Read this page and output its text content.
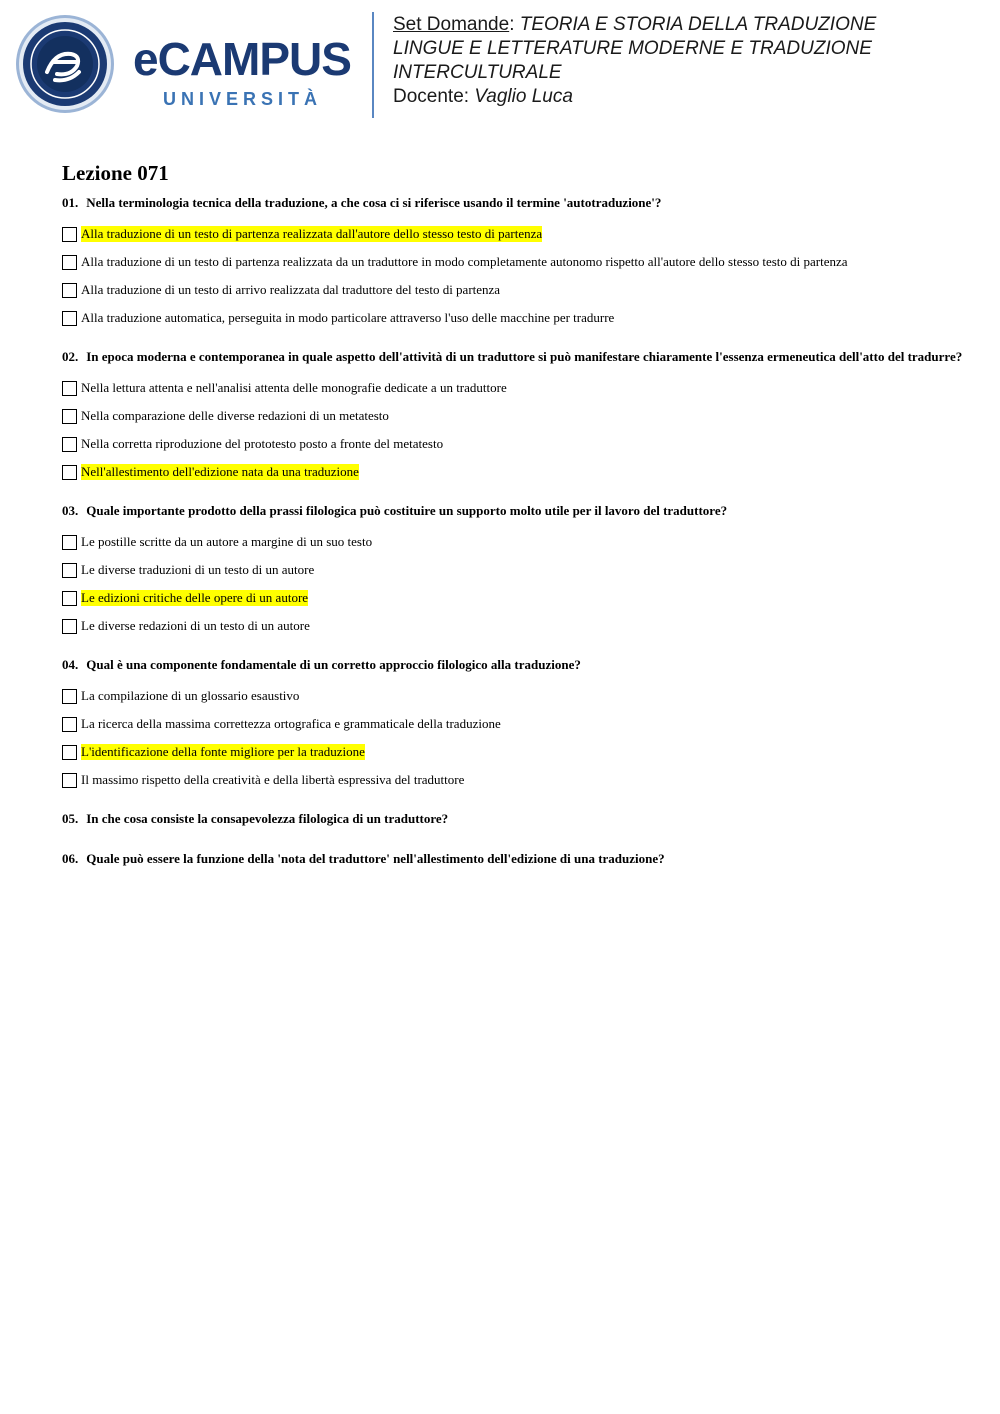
eCAMPUS
UNIVERSITÀ
Set Domande: TEORIA E STORIA DELLA TRADUZIONE
LINGUE E LETTERATURE MODERNE E TRADUZIONE INTERCULTURALE
Docente: Vaglio Luca
Lezione 071
01. Nella terminologia tecnica della traduzione, a che cosa ci si riferisce usando il termine 'autotraduzione'?
Alla traduzione di un testo di partenza realizzata dall'autore dello stesso testo di partenza
Alla traduzione di un testo di partenza realizzata da un traduttore in modo completamente autonomo rispetto all'autore dello stesso testo di partenza
Alla traduzione di un testo di arrivo realizzata dal traduttore del testo di partenza
Alla traduzione automatica, perseguita in modo particolare attraverso l'uso delle macchine per tradurre
02. In epoca moderna e contemporanea in quale aspetto dell'attività di un traduttore si può manifestare chiaramente l'essenza ermeneutica dell'atto del tradurre?
Nella lettura attenta e nell'analisi attenta delle monografie dedicate a un traduttore
Nella comparazione delle diverse redazioni di un metatesto
Nella corretta riproduzione del prototesto posto a fronte del metatesto
Nell'allestimento dell'edizione nata da una traduzione
03. Quale importante prodotto della prassi filologica può costituire un supporto molto utile per il lavoro del traduttore?
Le postille scritte da un autore a margine di un suo testo
Le diverse traduzioni di un testo di un autore
Le edizioni critiche delle opere di un autore
Le diverse redazioni di un testo di un autore
04. Qual è una componente fondamentale di un corretto approccio filologico alla traduzione?
La compilazione di un glossario esaustivo
La ricerca della massima correttezza ortografica e grammaticale della traduzione
L'identificazione della fonte migliore per la traduzione
Il massimo rispetto della creatività e della libertà espressiva del traduttore
05. In che cosa consiste la consapevolezza filologica di un traduttore?
06. Quale può essere la funzione della 'nota del traduttore' nell'allestimento dell'edizione di una traduzione?
